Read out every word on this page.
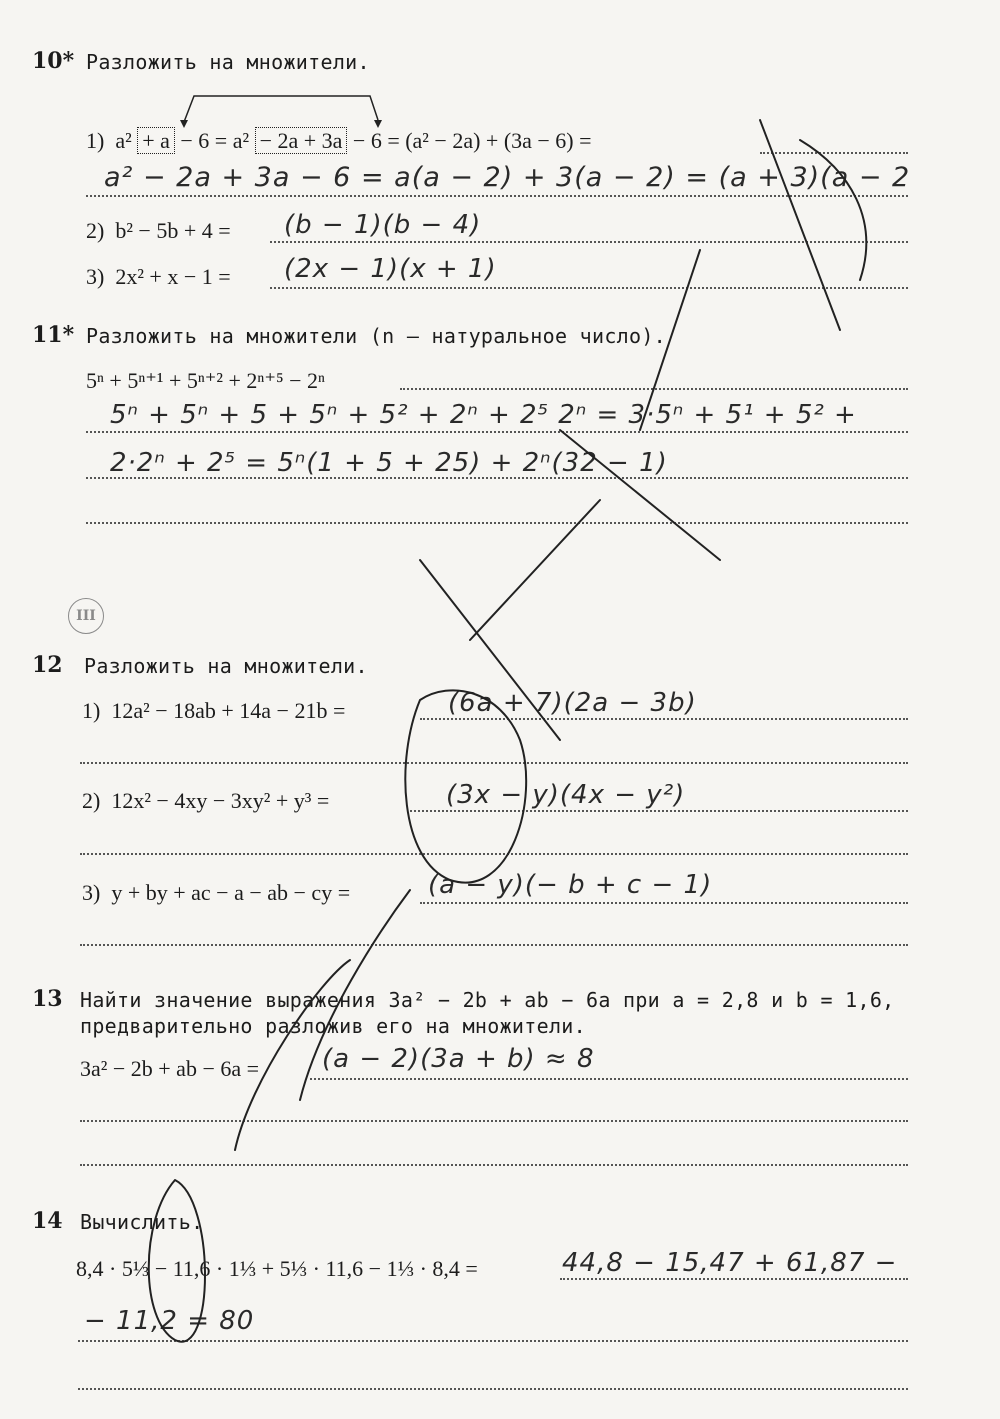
10* Разложить на множители.
1) a² + a − 6 = a² − 2a + 3a − 6 = (a² − 2a) + (3a − 6) =
a² − 2a + 3a − 6 = a(a − 2) + 3(a − 2) = (a + 3)(a − 2
2) b² − 5b + 4 = (b − 1)(b − 4)
3) 2x² + x − 1 = (2x − 1)(x + 1)
11* Разложить на множители (n — натуральное число).
5ⁿ + 5ⁿ⁺¹ + 5ⁿ⁺² + 2ⁿ⁺⁵ − 2ⁿ
5ⁿ + 5ⁿ + 5 + 5ⁿ + 5² + 2ⁿ + 2⁵ 2ⁿ = 3·5ⁿ + 5¹ + 5² +
2·2ⁿ + 2⁵ = 5ⁿ(1 + 5 + 25) + 2ⁿ(32 − 1)
III
12 Разложить на множители.
1) 12a² − 18ab + 14a − 21b =	(6a + 7)(2a − 3b)
2) 12x² − 4xy − 3xy² + y³ =	(3x − y)(4x − y²)
3) y + by + ac − a − ab − cy =	(a − y)(− b + c − 1)
13 Найти значение выражения 3a² − 2b + ab − 6a при a = 2,8 и b = 1,6,
предварительно разложив его на множители.
3a² − 2b + ab − 6a = (a − 2)(3a + b) ≈ 8
14 Вычислить.
8,4 · 5⅓ − 11,6 · 1⅓ + 5⅓ · 11,6 − 1⅓ · 8,4 =	44,8 − 15,47 + 61,87 −
− 11,2 = 80
